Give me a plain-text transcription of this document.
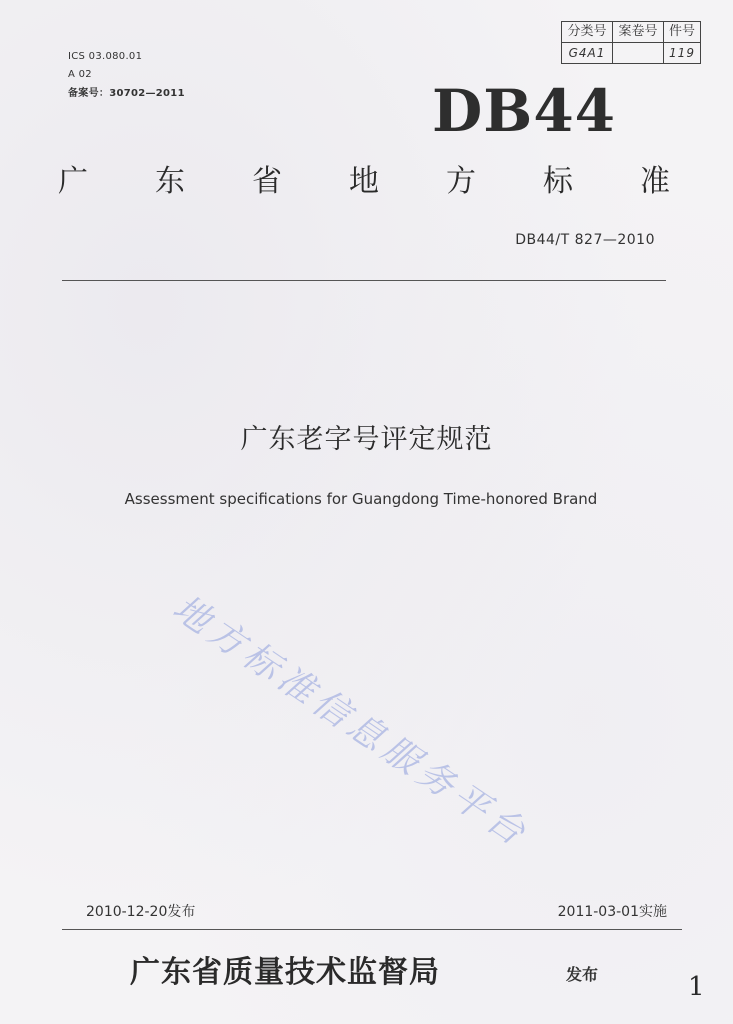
ICS 03.080.01
A 02
备案号：30702—2011
分类号	案卷号	件号
G4A1		119
DB44
广 东 省 地 方 标 准
DB44/T 827—2010
广东老字号评定规范
Assessment specifications for Guangdong Time-honored Brand
地方标准信息服务平台
2010-12-20发布	2011-03-01实施
广东省质量技术监督局	发布	1
